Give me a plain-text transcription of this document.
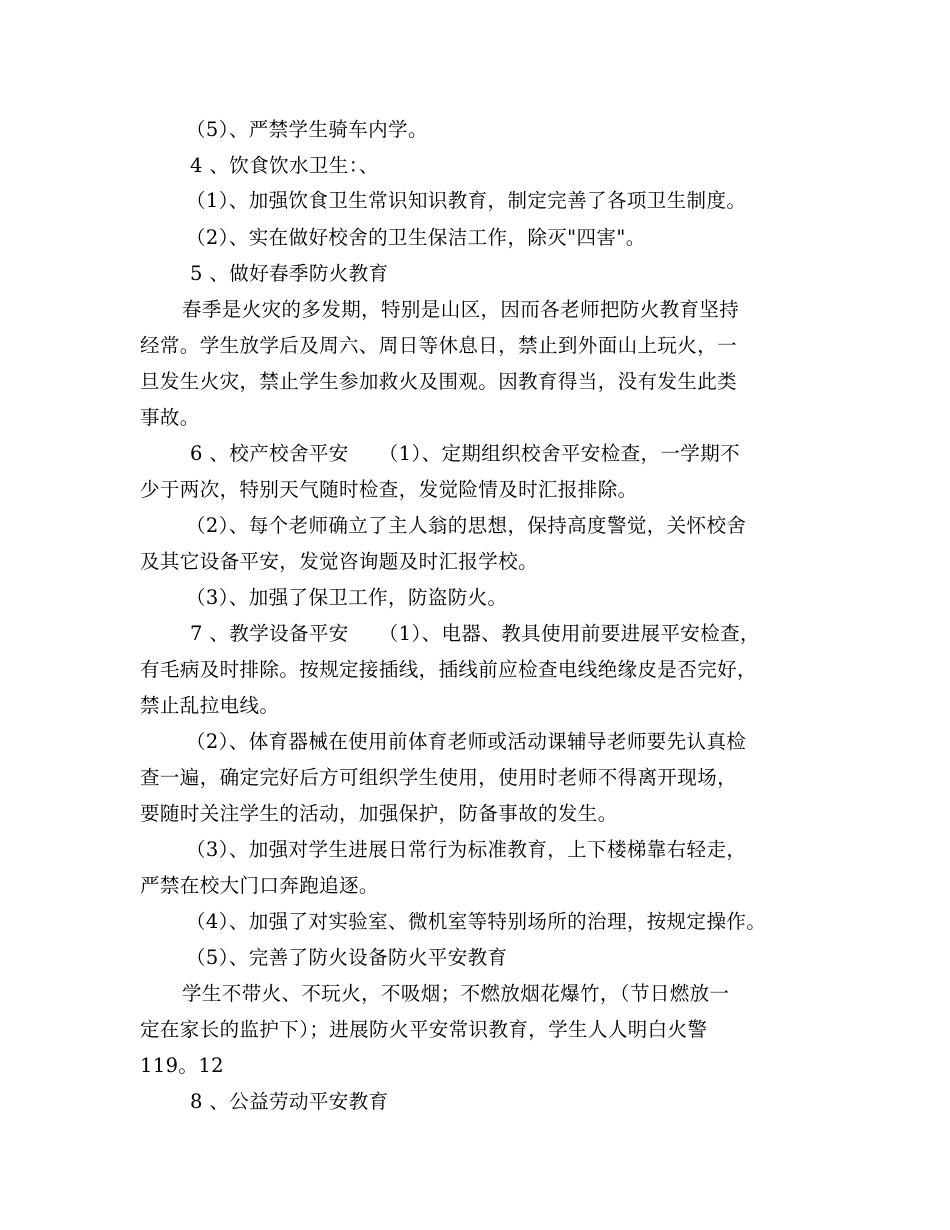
（5）、严禁学生骑车内学。
4 、饮食饮水卫生：、
（1）、加强饮食卫生常识知识教育，制定完善了各项卫生制度。
（2）、实在做好校舍的卫生保洁工作，除灭"四害"。
5 、做好春季防火教育
春季是火灾的多发期，特别是山区，因而各老师把防火教育坚持
经常。学生放学后及周六、周日等休息日，禁止到外面山上玩火，一
旦发生火灾，禁止学生参加救火及围观。因教育得当，没有发生此类
事故。
6 、校产校舍平安　　（1）、定期组织校舍平安检查，一学期不
少于两次，特别天气随时检查，发觉险情及时汇报排除。
（2）、每个老师确立了主人翁的思想，保持高度警觉，关怀校舍
及其它设备平安，发觉咨询题及时汇报学校。
（3）、加强了保卫工作，防盗防火。
7 、教学设备平安　　（1）、电器、教具使用前要进展平安检查，
有毛病及时排除。按规定接插线，插线前应检查电线绝缘皮是否完好，
禁止乱拉电线。
（2）、体育器械在使用前体育老师或活动课辅导老师要先认真检
查一遍，确定完好后方可组织学生使用，使用时老师不得离开现场，
要随时关注学生的活动，加强保护，防备事故的发生。
（3）、加强对学生进展日常行为标准教育，上下楼梯靠右轻走，
严禁在校大门口奔跑追逐。
（4）、加强了对实验室、微机室等特别场所的治理，按规定操作。
（5）、完善了防火设备防火平安教育
学生不带火、不玩火，不吸烟；不燃放烟花爆竹，（节日燃放一
定在家长的监护下）；进展防火平安常识教育，学生人人明白火警
119。12
8 、公益劳动平安教育
